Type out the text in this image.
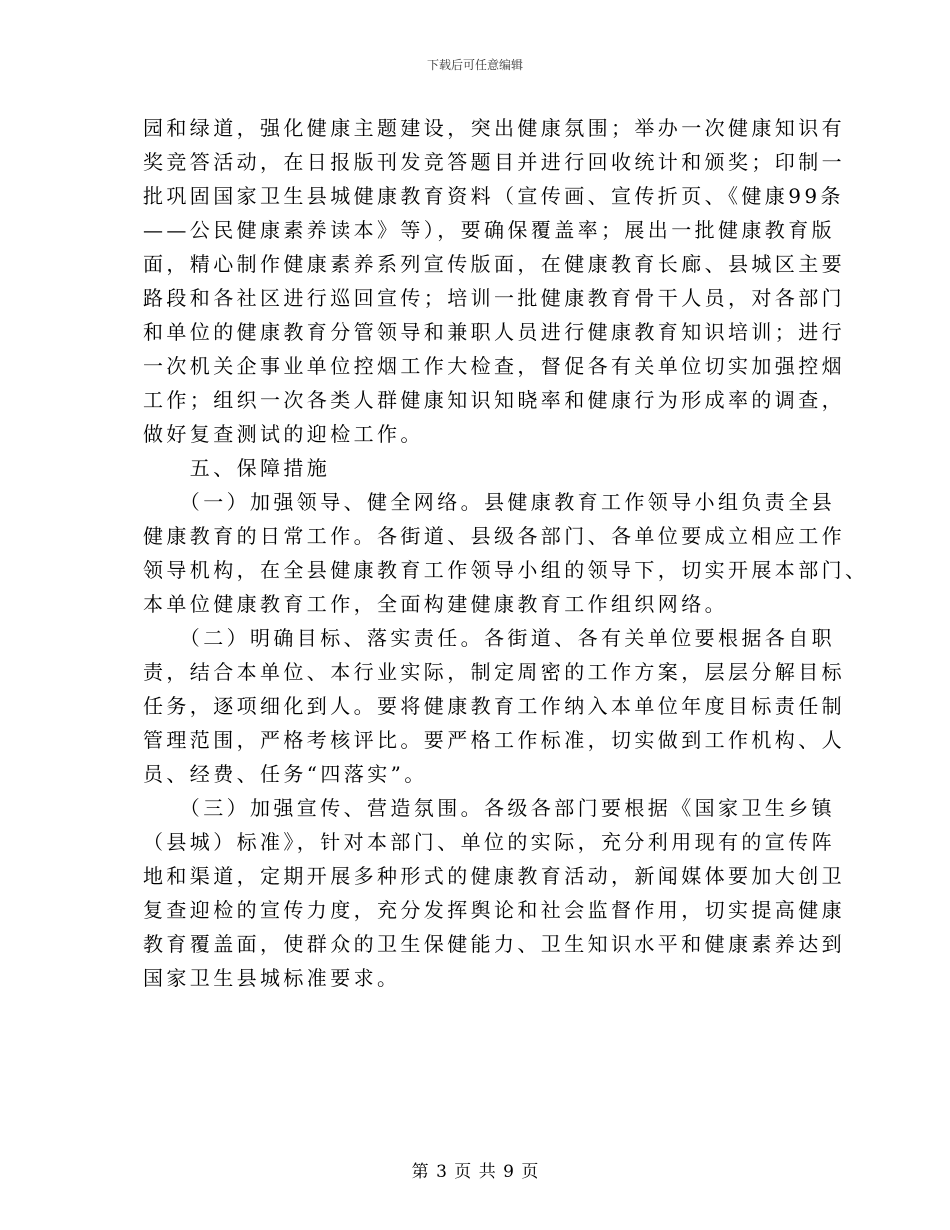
下载后可任意编辑
园和绿道，强化健康主题建设，突出健康氛围；举办一次健康知识有
奖竞答活动，在日报版刊发竞答题目并进行回收统计和颁奖；印制一
批巩固国家卫生县城健康教育资料（宣传画、宣传折页、《健康99条
——公民健康素养读本》等），要确保覆盖率；展出一批健康教育版
面，精心制作健康素养系列宣传版面，在健康教育长廊、县城区主要
路段和各社区进行巡回宣传；培训一批健康教育骨干人员，对各部门
和单位的健康教育分管领导和兼职人员进行健康教育知识培训；进行
一次机关企事业单位控烟工作大检查，督促各有关单位切实加强控烟
工作；组织一次各类人群健康知识知晓率和健康行为形成率的调查，
做好复查测试的迎检工作。
　　五、保障措施
　　（一）加强领导、健全网络。县健康教育工作领导小组负责全县
健康教育的日常工作。各街道、县级各部门、各单位要成立相应工作
领导机构，在全县健康教育工作领导小组的领导下，切实开展本部门、
本单位健康教育工作，全面构建健康教育工作组织网络。
　　（二）明确目标、落实责任。各街道、各有关单位要根据各自职
责，结合本单位、本行业实际，制定周密的工作方案，层层分解目标
任务，逐项细化到人。要将健康教育工作纳入本单位年度目标责任制
管理范围，严格考核评比。要严格工作标准，切实做到工作机构、人
员、经费、任务“四落实”。
　　（三）加强宣传、营造氛围。各级各部门要根据《国家卫生乡镇
（县城）标准》，针对本部门、单位的实际，充分利用现有的宣传阵
地和渠道，定期开展多种形式的健康教育活动，新闻媒体要加大创卫
复查迎检的宣传力度，充分发挥舆论和社会监督作用，切实提高健康
教育覆盖面，使群众的卫生保健能力、卫生知识水平和健康素养达到
国家卫生县城标准要求。
第 3 页 共 9 页
